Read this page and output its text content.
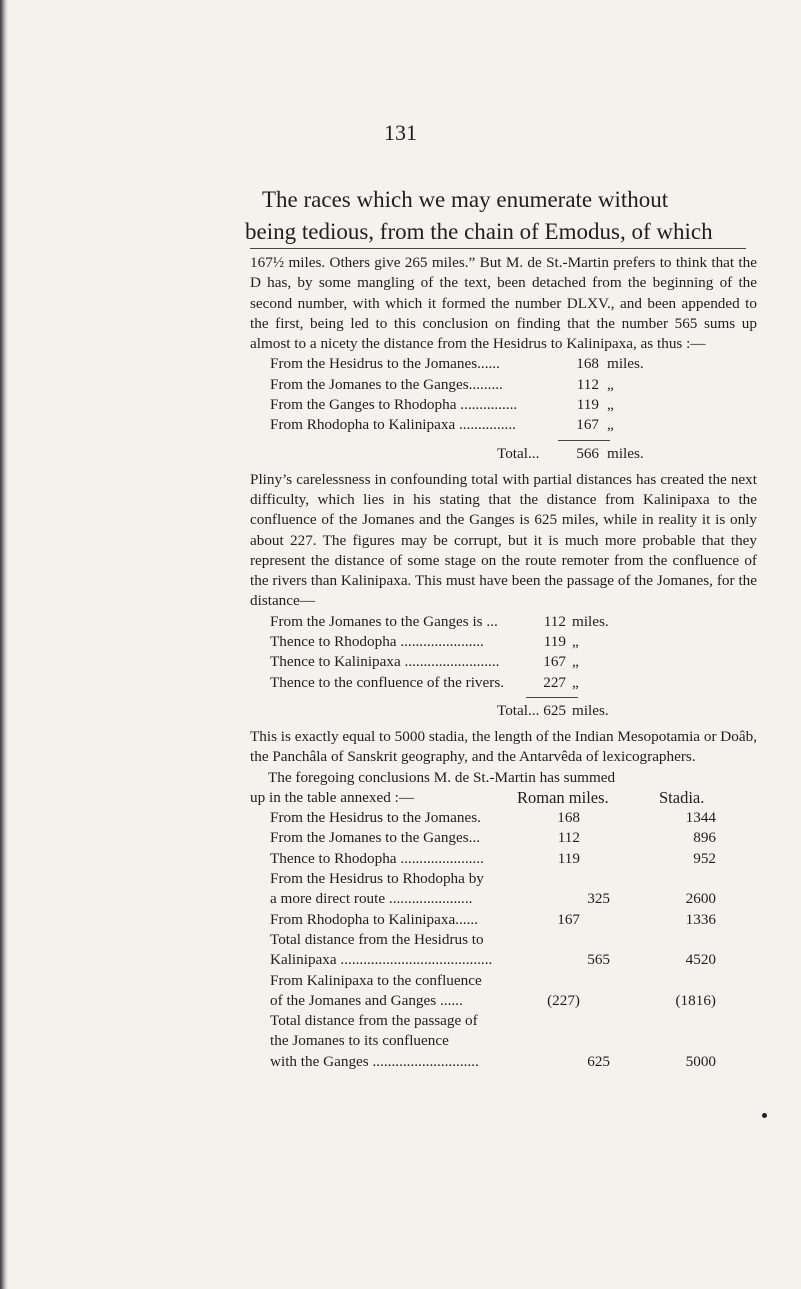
131
The races which we may enumerate without
being tedious, from the chain of Emodus, of which

167½ miles. Others give 265 miles.” But M. de St.-Martin prefers to think that the D has, by some mangling of the text, been detached from the beginning of the second number, with which it formed the number DLXV., and been appended to the first, being led to this conclusion on finding that the number 565 sums up almost to a nicety the distance from the Hesidrus to Kalinipaxa, as thus :—

From the Hesidrus to the Jomanes......	168 miles.
From the Jomanes to the Ganges.........	112 „
From the Ganges to Rhodopha ...............	119 „
From Rhodopha to Kalinipaxa ...............	167 „
Total...	566 miles.

Pliny’s carelessness in confounding total with partial distances has created the next difficulty, which lies in his stating that the distance from Kalinipaxa to the confluence of the Jomanes and the Ganges is 625 miles, while in reality it is only about 227. The figures may be corrupt, but it is much more probable that they represent the distance of some stage on the route remoter from the confluence of the rivers than Kalinipaxa. This must have been the passage of the Jomanes, for the distance—

From the Jomanes to the Ganges is ...	112 miles.
Thence to Rhodopha ......................	119 „
Thence to Kalinipaxa .........................	167 „
Thence to the confluence of the rivers.	227 „
Total... 625 miles.

This is exactly equal to 5000 stadia, the length of the Indian Mesopotamia or Doâb, the Panchâla of Sanskrit geography, and the Antarvêda of lexicographers.

The foregoing conclusions M. de St.-Martin has summed

up in the table annexed :—	Roman miles.	Stadia.
From the Hesidrus to the Jomanes.	168	1344
From the Jomanes to the Ganges...	112	896
Thence to Rhodopha ......................	119	952
From the Hesidrus to Rhodopha by
a more direct route ......................	325	2600
From Rhodopha to Kalinipaxa......	167	1336
Total distance from the Hesidrus to
Kalinipaxa ........................................	565	4520
From Kalinipaxa to the confluence
of the Jomanes and Ganges ......	(227)	(1816)
Total distance from the passage of
the Jomanes to its confluence
with the Ganges ............................	625	5000
